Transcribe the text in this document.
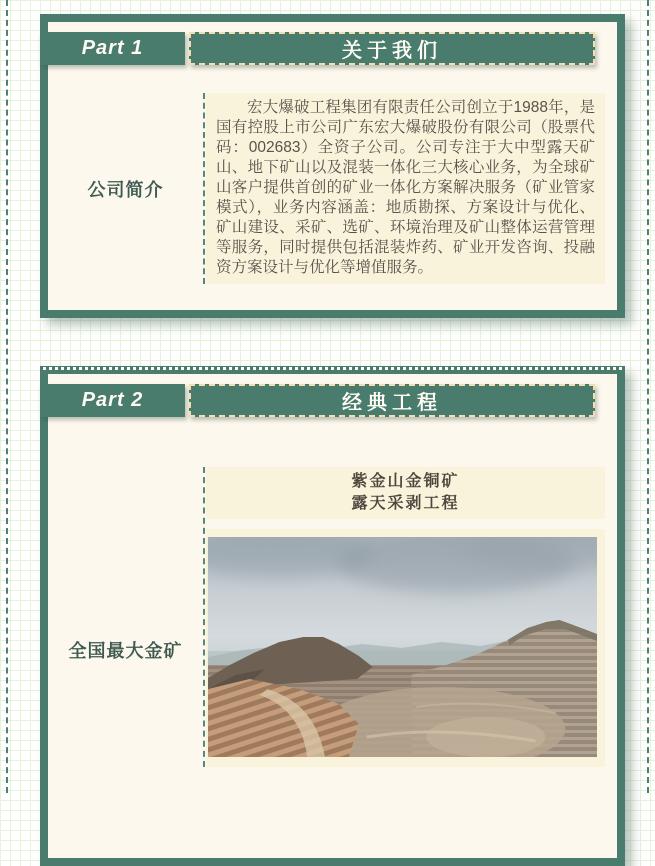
Part 1	关于我们
公司简介

宏大爆破工程集团有限责任公司创立于1988年，是国有控股上市公司广东宏大爆破股份有限公司（股票代码：002683）全资子公司。公司专注于大中型露天矿山、地下矿山以及混装一体化三大核心业务，为全球矿山客户提供首创的矿业一体化方案解决服务（矿业管家模式），业务内容涵盖：地质勘探、方案设计与优化、矿山建设、采矿、选矿、环境治理及矿山整体运营管理等服务，同时提供包括混装炸药、矿业开发咨询、投融资方案设计与优化等增值服务。

Part 2	经典工程
全国最大金矿
紫金山金铜矿
露天采剥工程
